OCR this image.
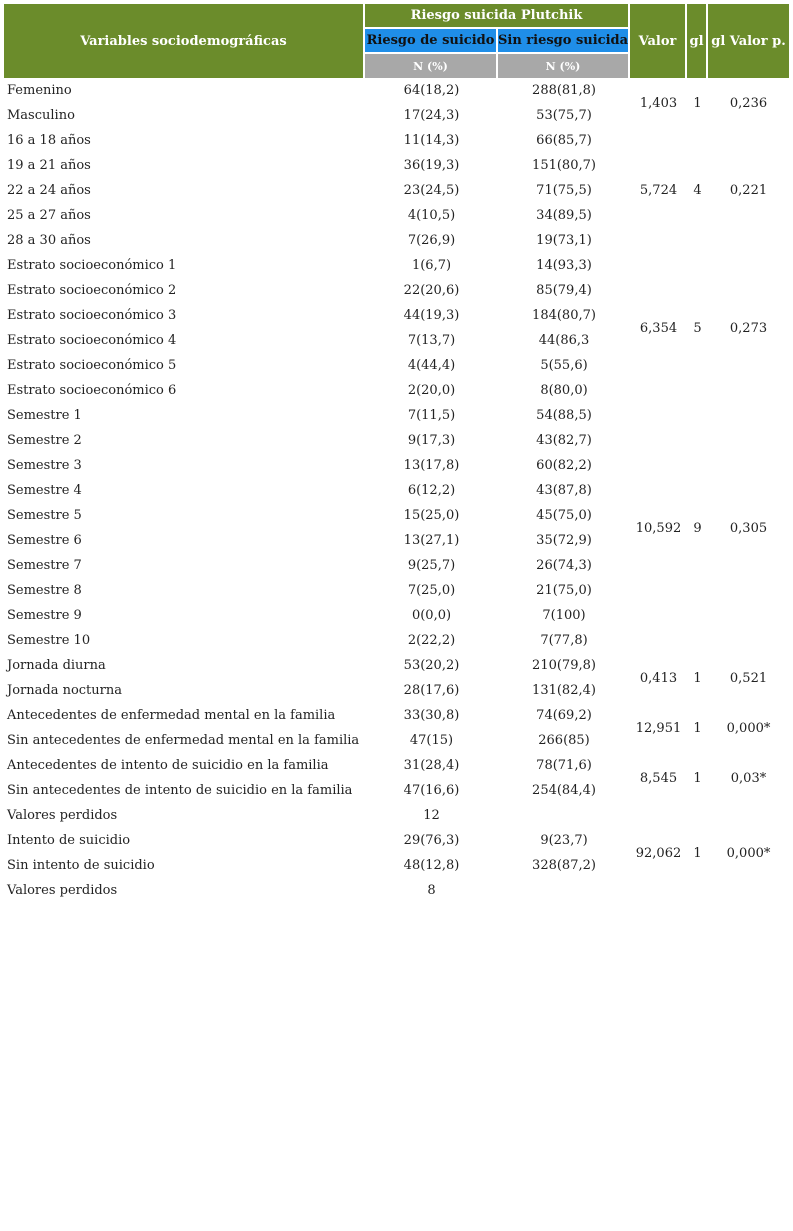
Variables sociodemográficas	Riesgo suicida Plutchik		Valor	gl	gl Valor p.
	Riesgo de suicido	Sin riesgo suicida			
	N (%)	N (%)			
Femenino	64(18,2)	288(81,8)	1,403	1	0,236
Masculino	17(24,3)	53(75,7)			
16 a 18 años	11(14,3)	66(85,7)	5,724	4	0,221
19 a 21 años	36(19,3)	151(80,7)			
22 a 24 años	23(24,5)	71(75,5)			
25 a 27 años	4(10,5)	34(89,5)			
28 a 30 años	7(26,9)	19(73,1)			
Estrato socioeconómico 1	1(6,7)	14(93,3)	6,354	5	0,273
Estrato socioeconómico 2	22(20,6)	85(79,4)			
Estrato socioeconómico 3	44(19,3)	184(80,7)			
Estrato socioeconómico 4	7(13,7)	44(86,3			
Estrato socioeconómico 5	4(44,4)	5(55,6)			
Estrato socioeconómico 6	2(20,0)	8(80,0)			
Semestre 1	7(11,5)	54(88,5)	10,592	9	0,305
Semestre 2	9(17,3)	43(82,7)			
Semestre 3	13(17,8)	60(82,2)			
Semestre 4	6(12,2)	43(87,8)			
Semestre 5	15(25,0)	45(75,0)			
Semestre 6	13(27,1)	35(72,9)			
Semestre 7	9(25,7)	26(74,3)			
Semestre 8	7(25,0)	21(75,0)			
Semestre 9	0(0,0)	7(100)			
Semestre 10	2(22,2)	7(77,8)			
Jornada diurna	53(20,2)	210(79,8)	0,413	1	0,521
Jornada nocturna	28(17,6)	131(82,4)			
Antecedentes de enfermedad mental en la familia	33(30,8)	74(69,2)	12,951	1	0,000*
Sin antecedentes de enfermedad mental en la familia	47(15)	266(85)			
Antecedentes de intento de suicidio en la familia	31(28,4)	78(71,6)	8,545	1	0,03*
Sin antecedentes de intento de suicidio en la familia	47(16,6)	254(84,4)			
Valores perdidos	12				
Intento de suicidio	29(76,3)	9(23,7)	92,062	1	0,000*
Sin intento de suicidio	48(12,8)	328(87,2)			
Valores perdidos	8				
